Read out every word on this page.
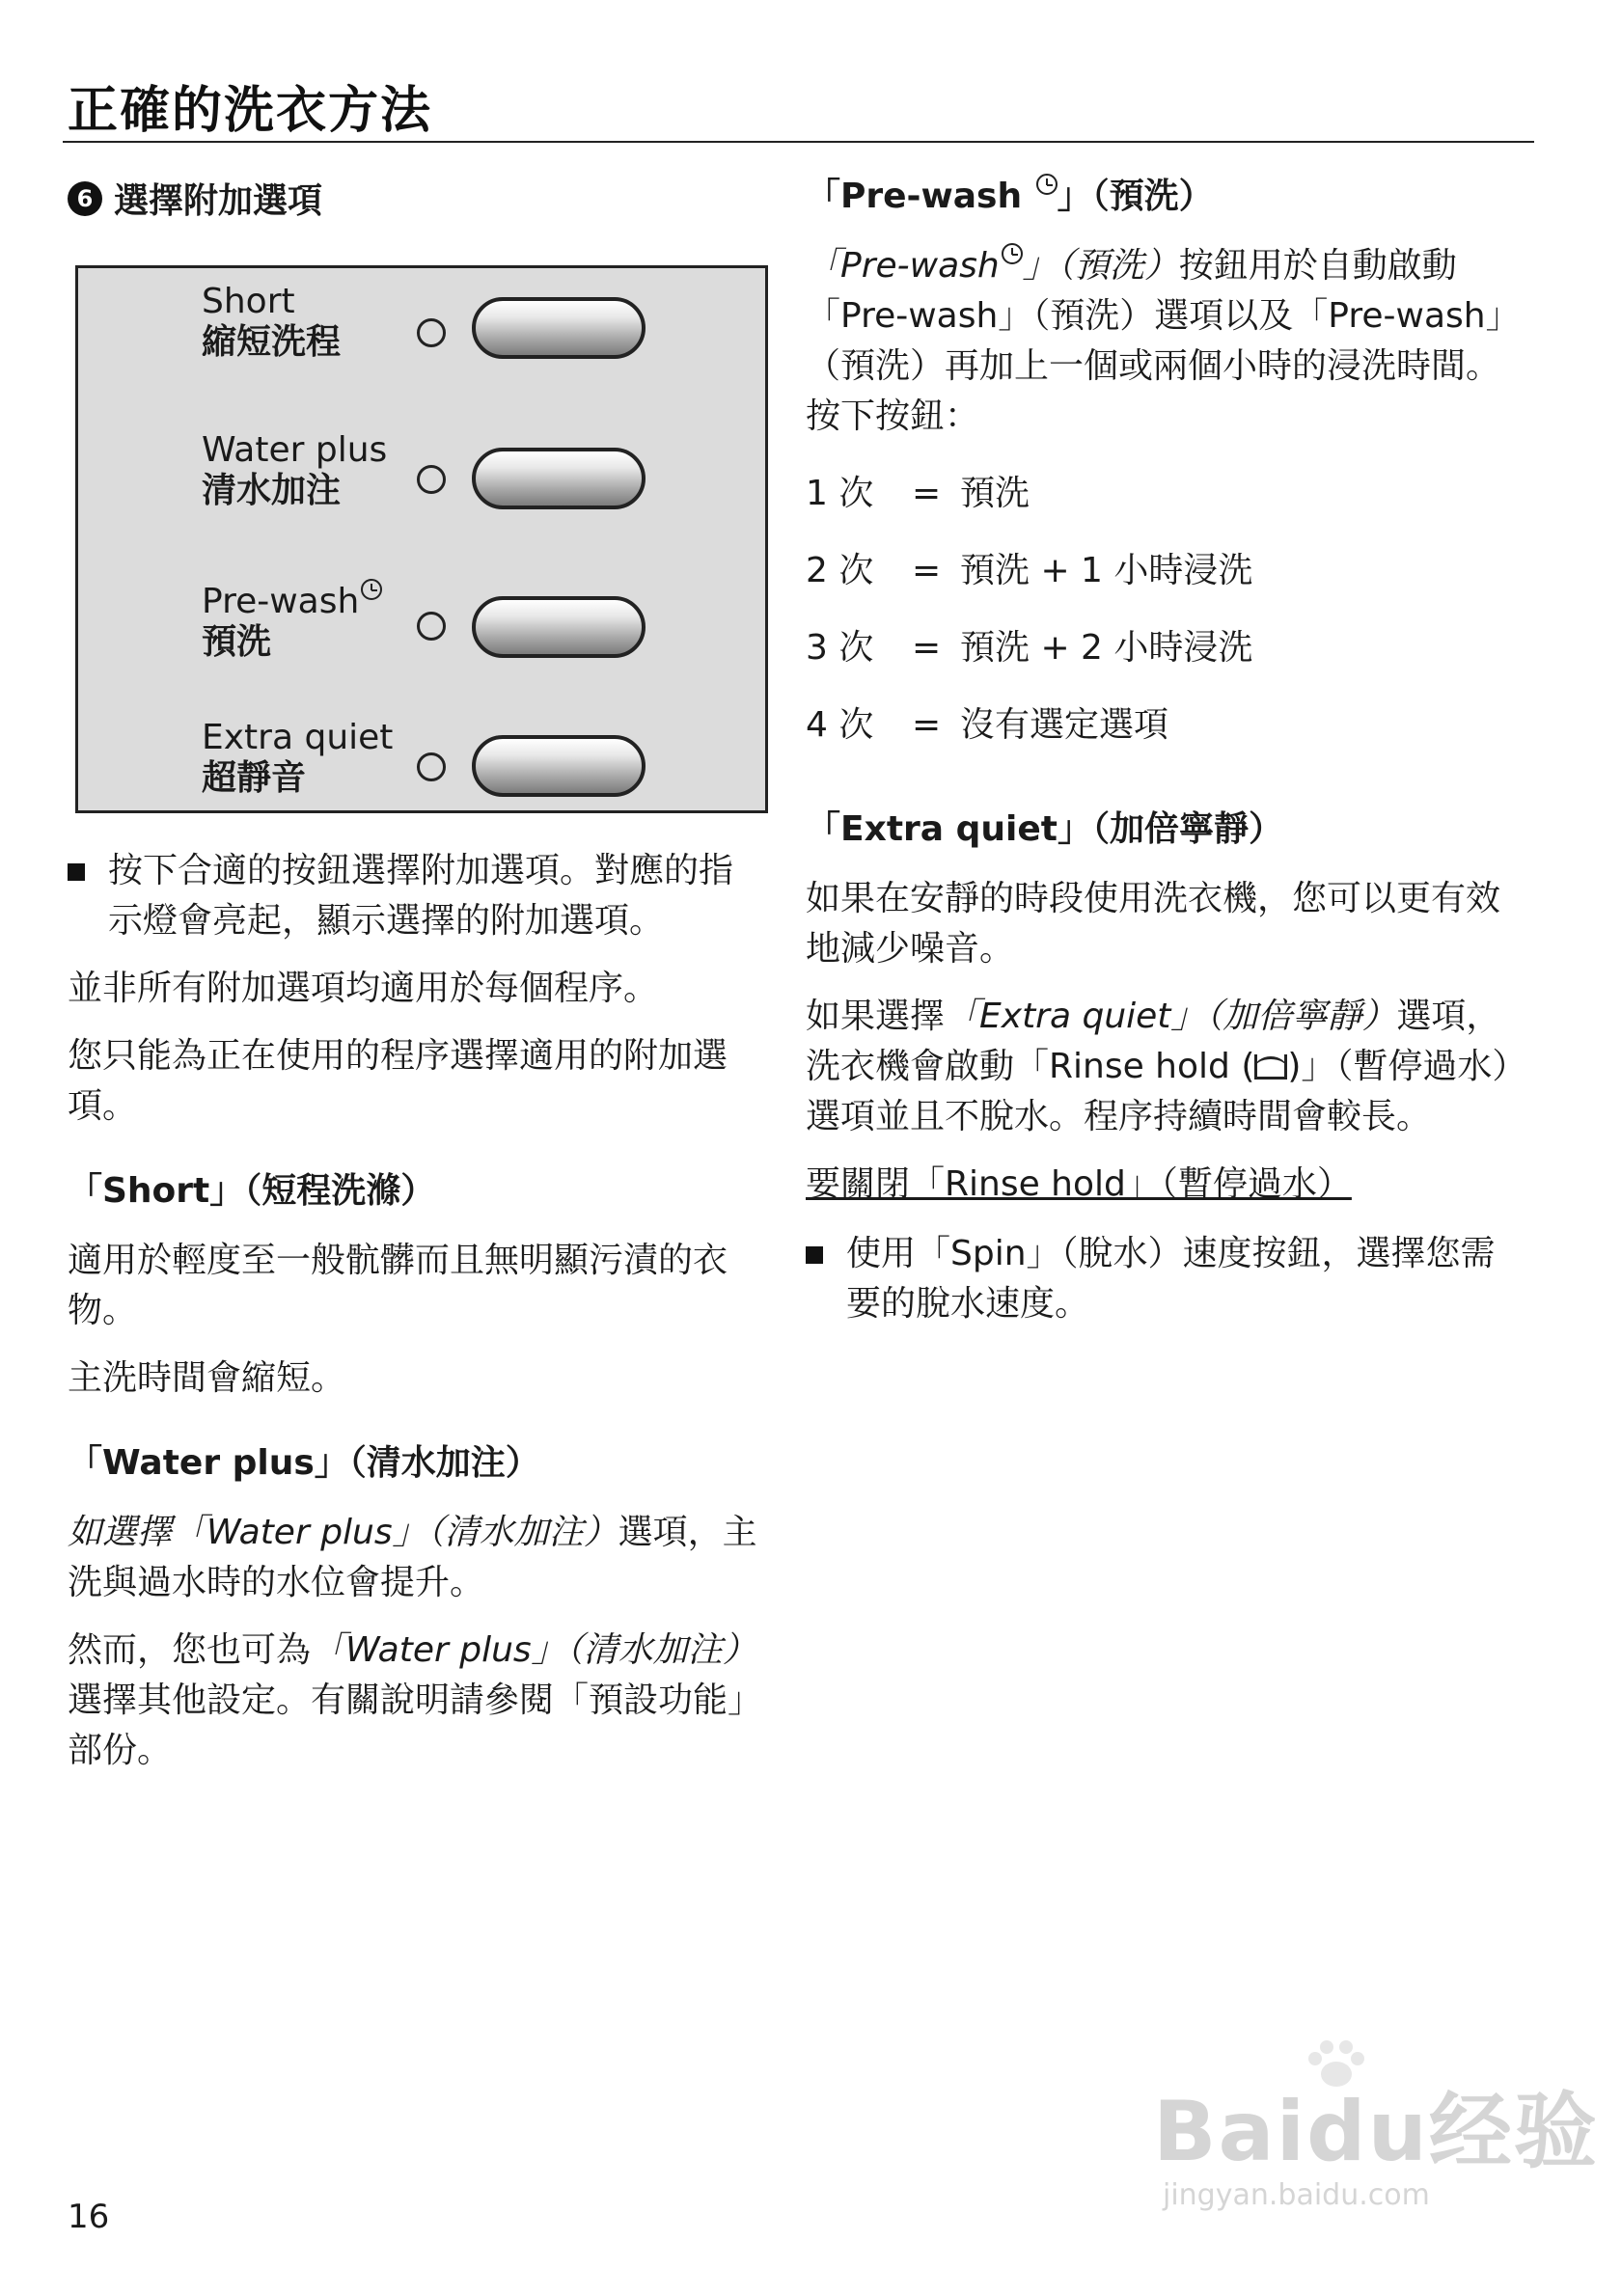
正確的洗衣方法
6 選擇附加選項
Short
縮短洗程
Water plus
清水加注
Pre-wash
預洗
Extra quiet
超靜音

按下合適的按鈕選擇附加選項。對應的指示燈會亮起，顯示選擇的附加選項。

並非所有附加選項均適用於每個程序。

您只能為正在使用的程序選擇適用的附加選項。

「Short」（短程洗滌）

適用於輕度至一般骯髒而且無明顯污漬的衣物。

主洗時間會縮短。

「Water plus」（清水加注）

如選擇「Water plus」（清水加注）選項，主洗與過水時的水位會提升。

然而，您也可為「Water plus」（清水加注）選擇其他設定。有關說明請參閱「預設功能」部份。

「Pre-wash 」（預洗）

「Pre-wash 」（預洗）按鈕用於自動啟動「Pre-wash」（預洗）選項以及「Pre-wash」（預洗）再加上一個或兩個小時的浸洗時間。按下按鈕：

1 次	= 預洗
2 次	= 預洗 + 1 小時浸洗
3 次	= 預洗 + 2 小時浸洗
4 次	= 沒有選定選項
「Extra quiet」（加倍寧靜）

如果在安靜的時段使用洗衣機，您可以更有效地減少噪音。

如果選擇「Extra quiet」（加倍寧靜）選項，洗衣機會啟動「Rinse hold ( )」（暫停過水）選項並且不脫水。程序持續時間會較長。

要關閉「Rinse hold」（暫停過水）

使用「Spin」（脫水）速度按鈕，選擇您需要的脫水速度。

16
Baidu经验
jingyan.baidu.com
